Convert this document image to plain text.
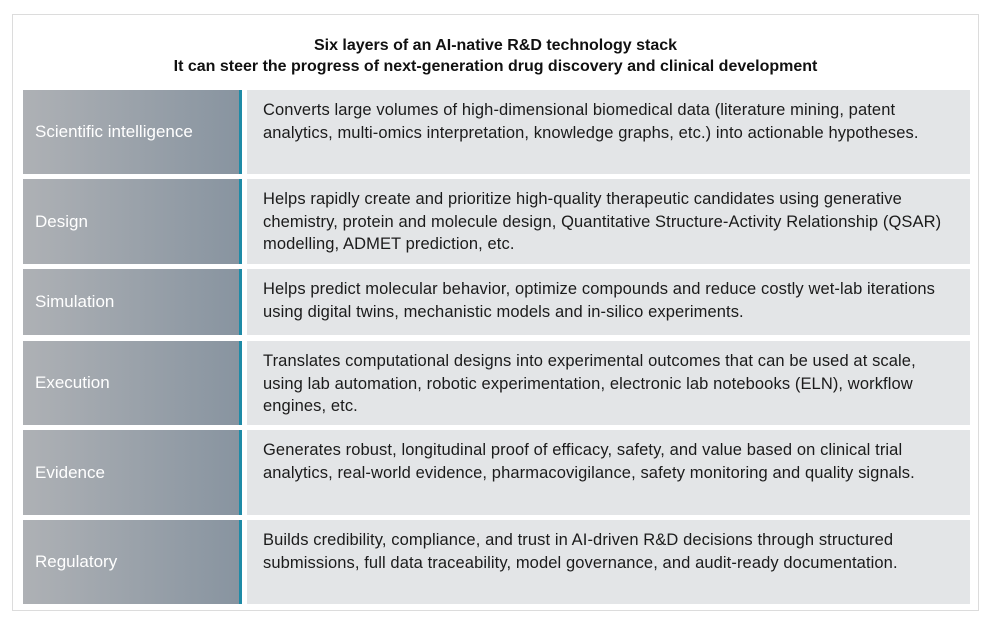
Six layers of an AI-native R&D technology stack
It can steer the progress of next-generation drug discovery and clinical development
Scientific intelligence
Converts large volumes of high-dimensional biomedical data (literature mining, patent analytics, multi-omics interpretation, knowledge graphs, etc.) into actionable hypotheses.
Design
Helps rapidly create and prioritize high-quality therapeutic candidates using generative chemistry, protein and molecule design, Quantitative Structure-Activity Relationship (QSAR) modelling, ADMET prediction, etc.
Simulation
Helps predict molecular behavior, optimize compounds and reduce costly wet-lab iterations using digital twins, mechanistic models and in-silico experiments.
Execution
Translates computational designs into experimental outcomes that can be used at scale, using lab automation, robotic experimentation, electronic lab notebooks (ELN), workflow engines, etc.
Evidence
Generates robust, longitudinal proof of efficacy, safety, and value based on clinical trial analytics, real-world evidence, pharmacovigilance, safety monitoring and quality signals.
Regulatory
Builds credibility, compliance, and trust in AI-driven R&D decisions through structured submissions, full data traceability, model governance, and audit-ready documentation.
